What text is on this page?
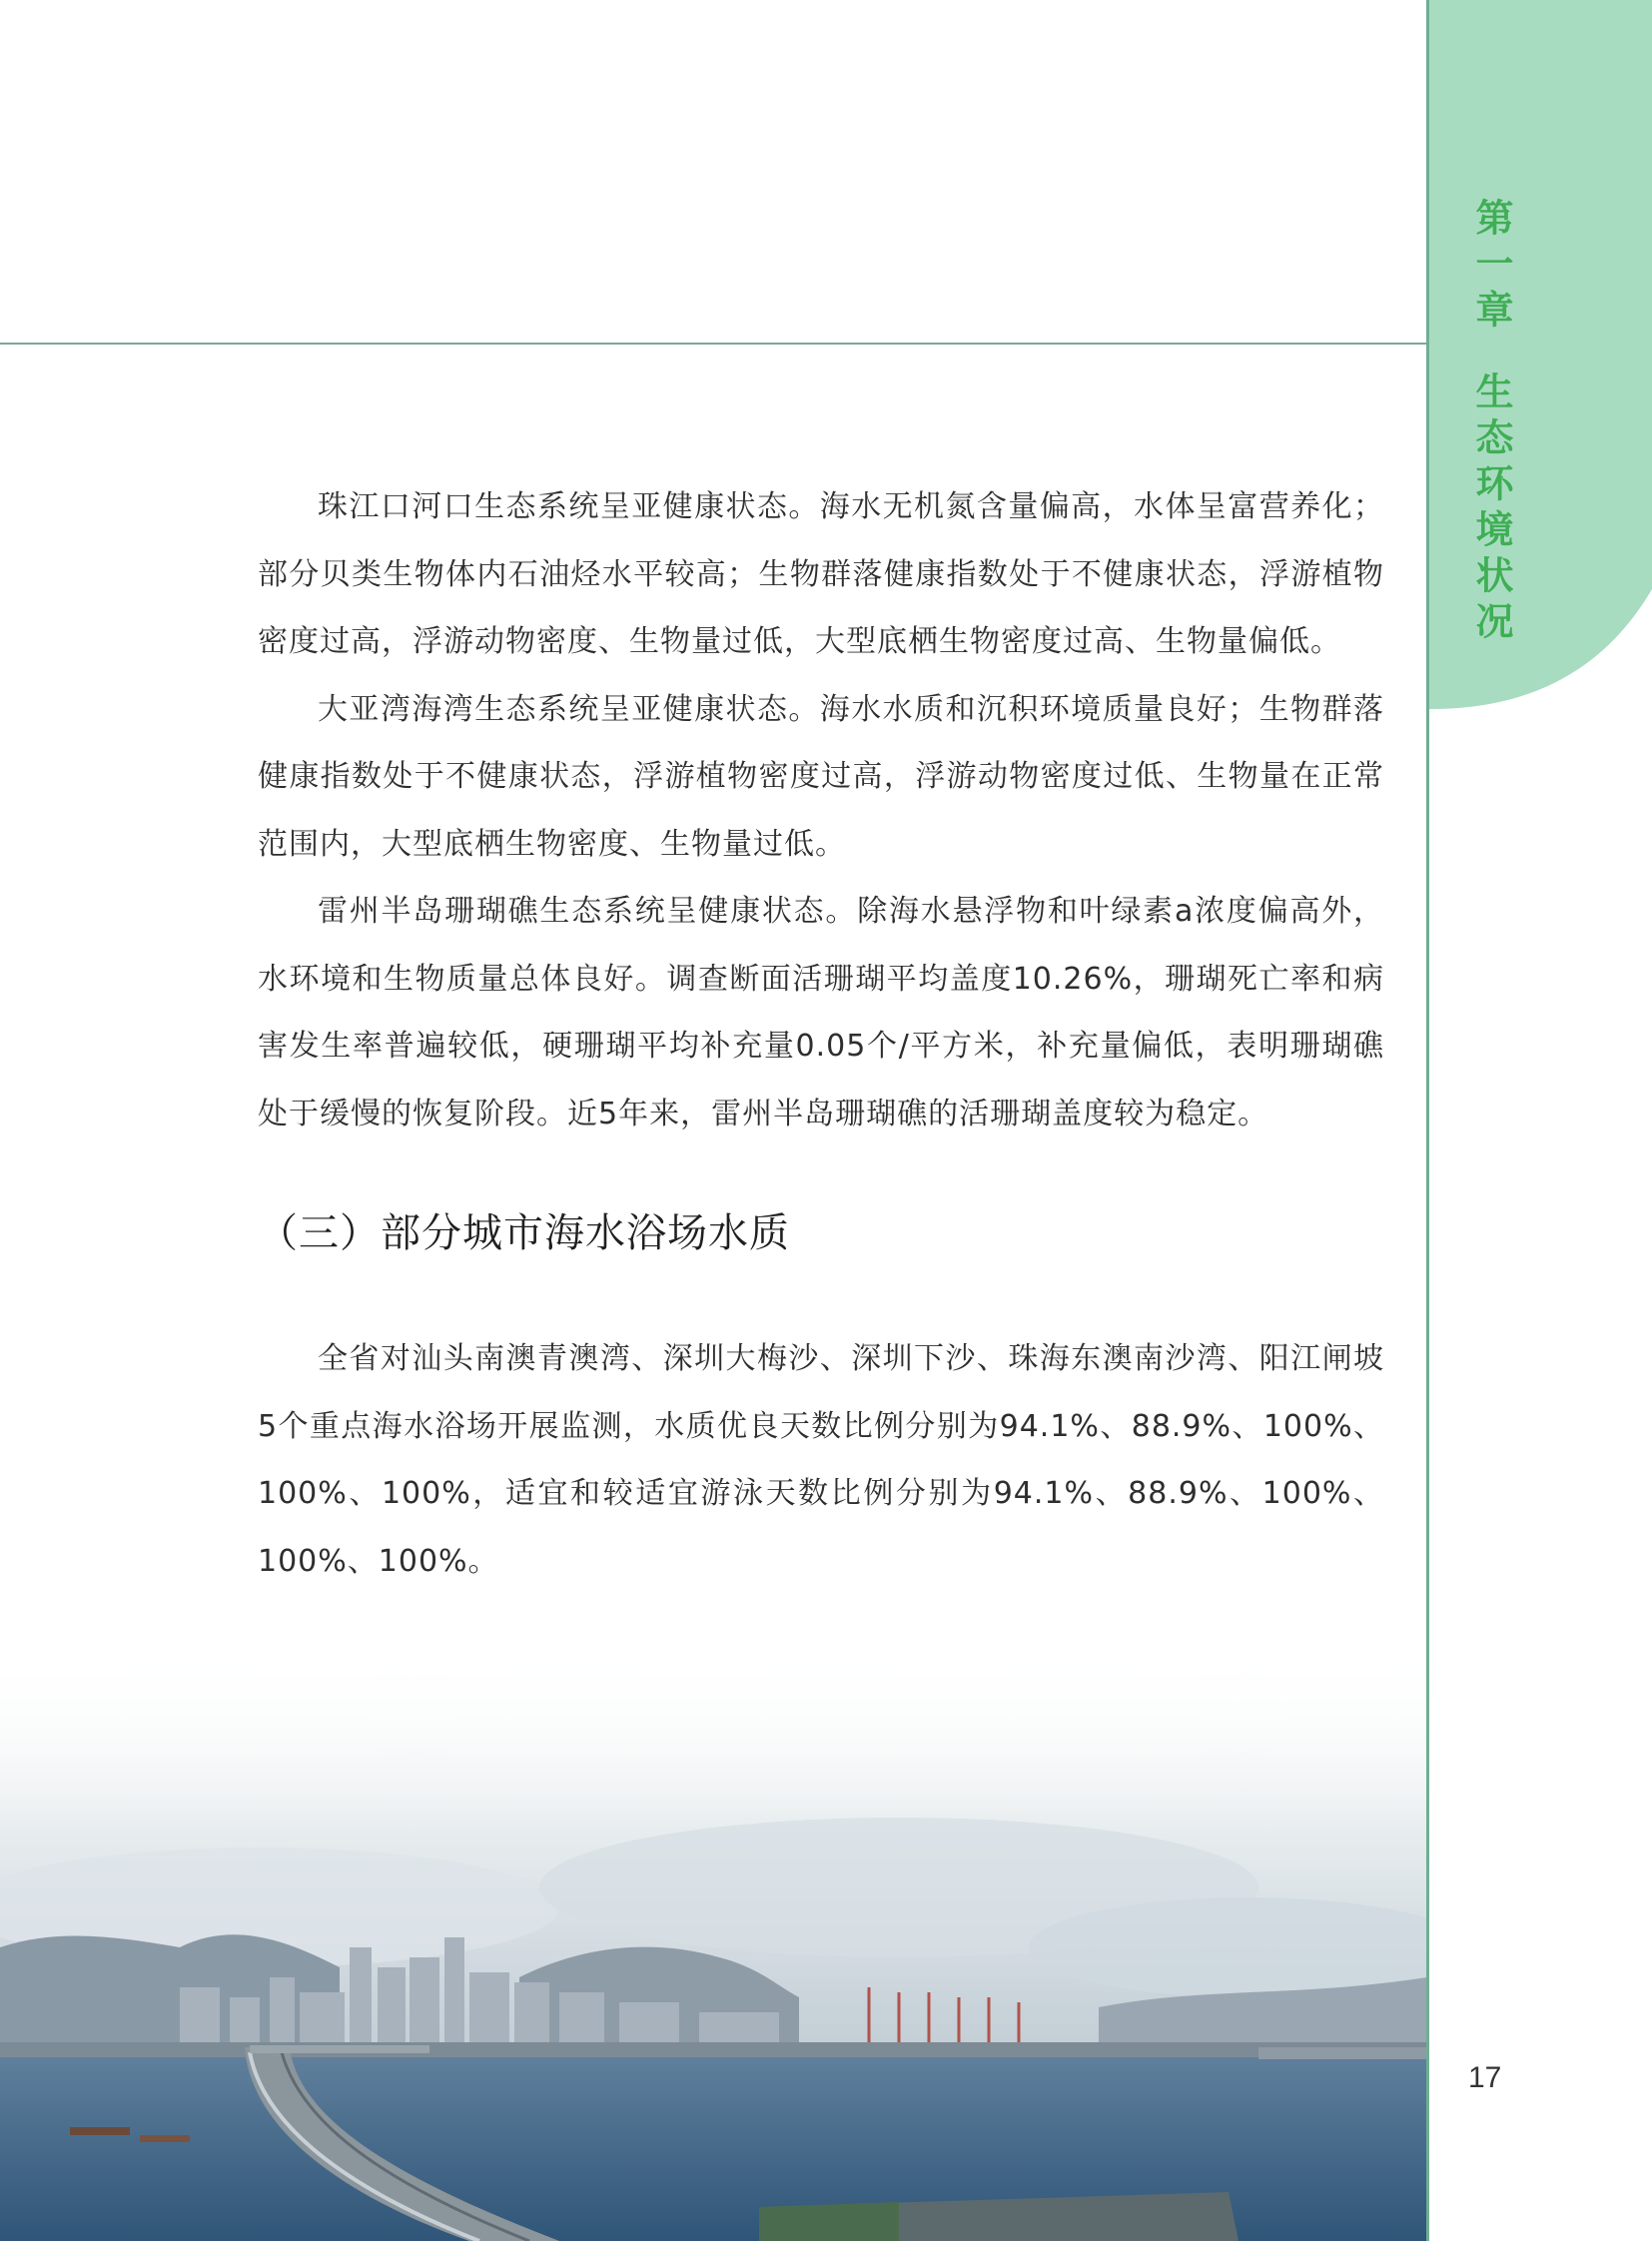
第一章生态环境状况

珠江口河口生态系统呈亚健康状态。海水无机氮含量偏高，水体呈富营养化；部分贝类生物体内石油烃水平较高；生物群落健康指数处于不健康状态，浮游植物密度过高，浮游动物密度、生物量过低，大型底栖生物密度过高、生物量偏低。

大亚湾海湾生态系统呈亚健康状态。海水水质和沉积环境质量良好；生物群落健康指数处于不健康状态，浮游植物密度过高，浮游动物密度过低、生物量在正常范围内，大型底栖生物密度、生物量过低。

雷州半岛珊瑚礁生态系统呈健康状态。除海水悬浮物和叶绿素a浓度偏高外，水环境和生物质量总体良好。调查断面活珊瑚平均盖度10.26%，珊瑚死亡率和病害发生率普遍较低，硬珊瑚平均补充量0.05个/平方米，补充量偏低，表明珊瑚礁处于缓慢的恢复阶段。近5年来，雷州半岛珊瑚礁的活珊瑚盖度较为稳定。

（三）部分城市海水浴场水质

全省对汕头南澳青澳湾、深圳大梅沙、深圳下沙、珠海东澳南沙湾、阳江闸坡5个重点海水浴场开展监测，水质优良天数比例分别为94.1%、88.9%、100%、100%、100%，适宜和较适宜游泳天数比例分别为94.1%、88.9%、100%、100%、100%。

17
